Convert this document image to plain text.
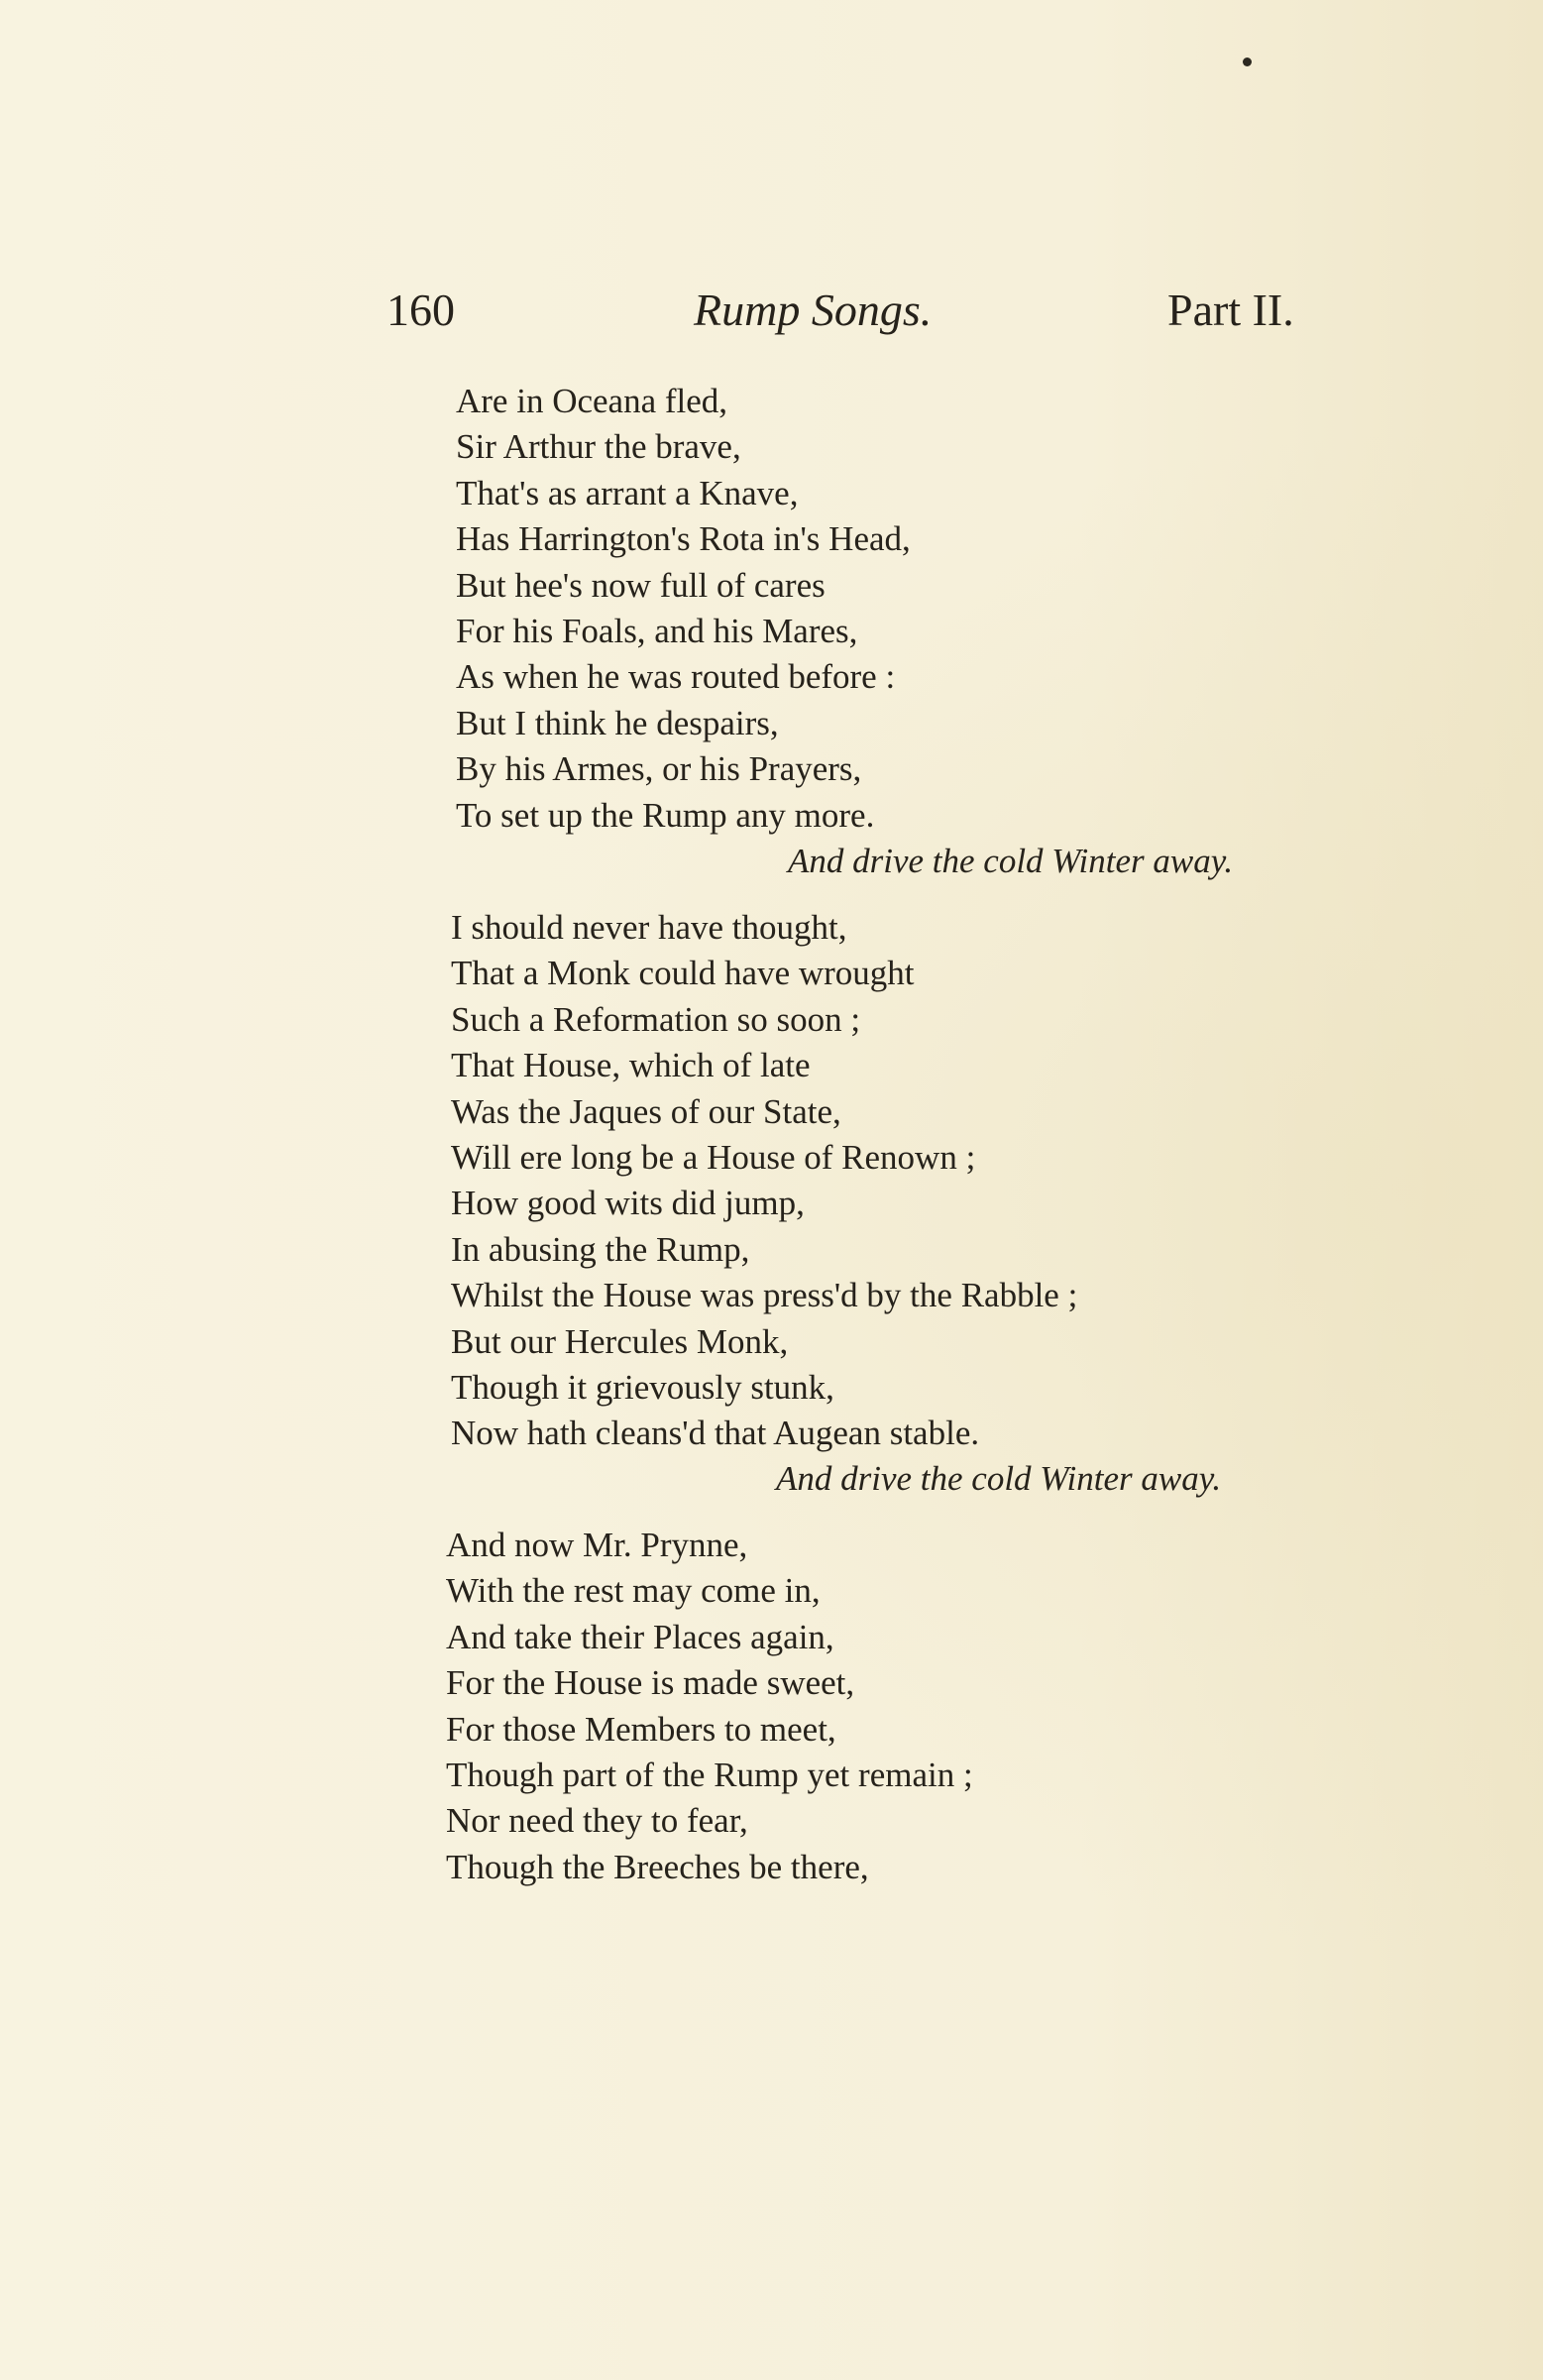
160	Rump Songs.	Part II.
Are in Oceana fled,
Sir Arthur the brave,
That's as arrant a Knave,
Has Harrington's Rota in's Head,
But hee's now full of cares
For his Foals, and his Mares,
As when he was routed before :
But I think he despairs,
By his Armes, or his Prayers,
To set up the Rump any more.
And drive the cold Winter away.
I should never have thought,
That a Monk could have wrought
Such a Reformation so soon ;
That House, which of late
Was the Jaques of our State,
Will ere long be a House of Renown ;
How good wits did jump,
In abusing the Rump,
Whilst the House was press'd by the Rabble ;
But our Hercules Monk,
Though it grievously stunk,
Now hath cleans'd that Augean stable.
And drive the cold Winter away.
And now Mr. Prynne,
With the rest may come in,
And take their Places again,
For the House is made sweet,
For those Members to meet,
Though part of the Rump yet remain ;
Nor need they to fear,
Though the Breeches be there,
